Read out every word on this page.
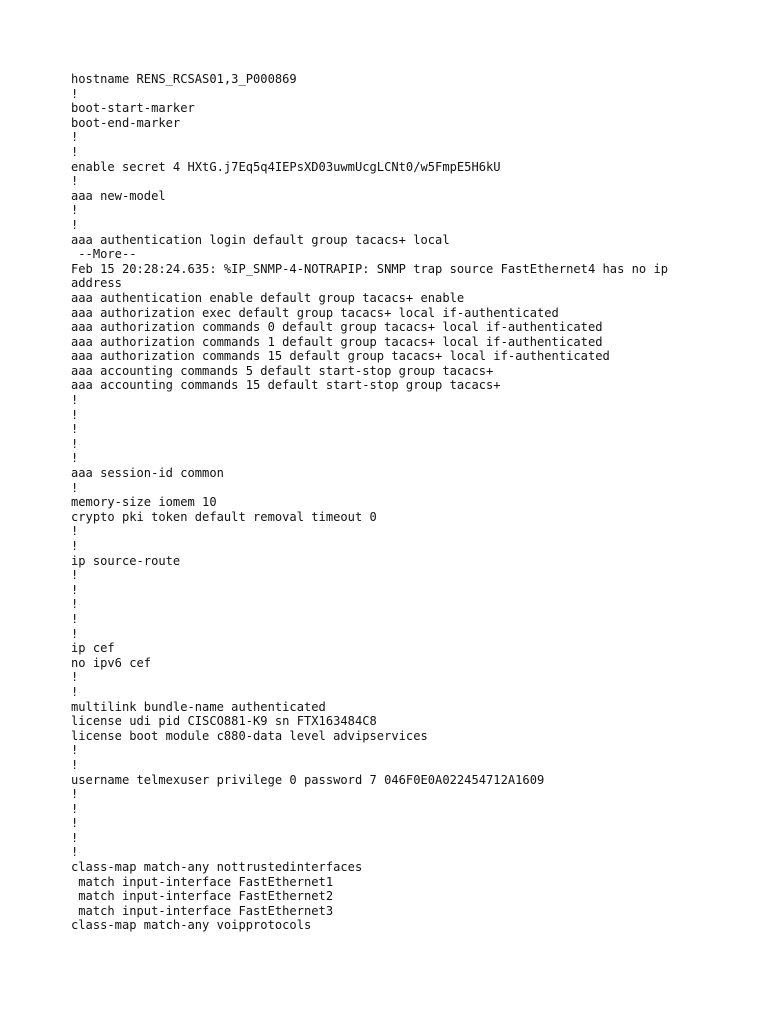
hostname RENS_RCSAS01,3_P000869
!
boot-start-marker
boot-end-marker
!
!
enable secret 4 HXtG.j7Eq5q4IEPsXD03uwmUcgLCNt0/w5FmpE5H6kU
!
aaa new-model
!
!
aaa authentication login default group tacacs+ local
--More--
Feb 15 20:28:24.635: %IP_SNMP-4-NOTRAPIP: SNMP trap source FastEthernet4 has no ip
address
aaa authentication enable default group tacacs+ enable
aaa authorization exec default group tacacs+ local if-authenticated
aaa authorization commands 0 default group tacacs+ local if-authenticated
aaa authorization commands 1 default group tacacs+ local if-authenticated
aaa authorization commands 15 default group tacacs+ local if-authenticated
aaa accounting commands 5 default start-stop group tacacs+
aaa accounting commands 15 default start-stop group tacacs+
!
!
!
!
!
aaa session-id common
!
memory-size iomem 10
crypto pki token default removal timeout 0
!
!
ip source-route
!
!
!
!
!
ip cef
no ipv6 cef
!
!
multilink bundle-name authenticated
license udi pid CISCO881-K9 sn FTX163484C8
license boot module c880-data level advipservices
!
!
username telmexuser privilege 0 password 7 046F0E0A022454712A1609
!
!
!
!
!
class-map match-any nottrustedinterfaces
match input-interface FastEthernet1
match input-interface FastEthernet2
match input-interface FastEthernet3
class-map match-any voipprotocols
